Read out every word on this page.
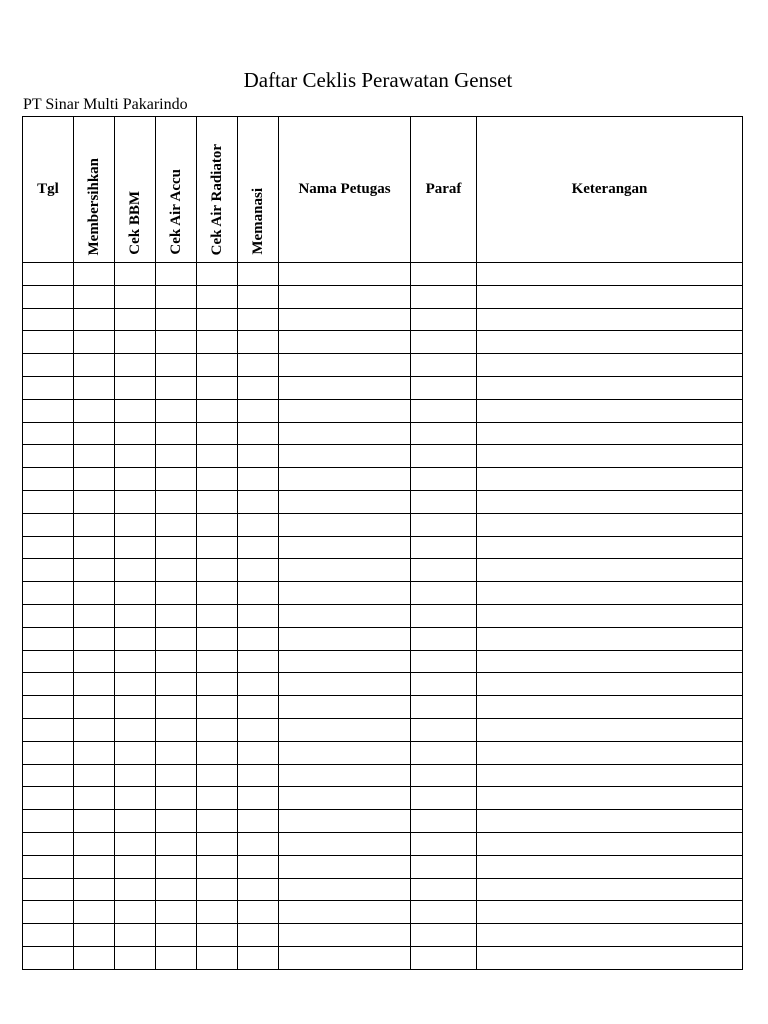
Daftar Ceklis Perawatan Genset
PT Sinar Multi Pakarindo
Tgl	Membersihkan	Cek BBM	Cek Air Accu	Cek Air Radiator	Memanasi	Nama Petugas	Paraf	Keterangan
